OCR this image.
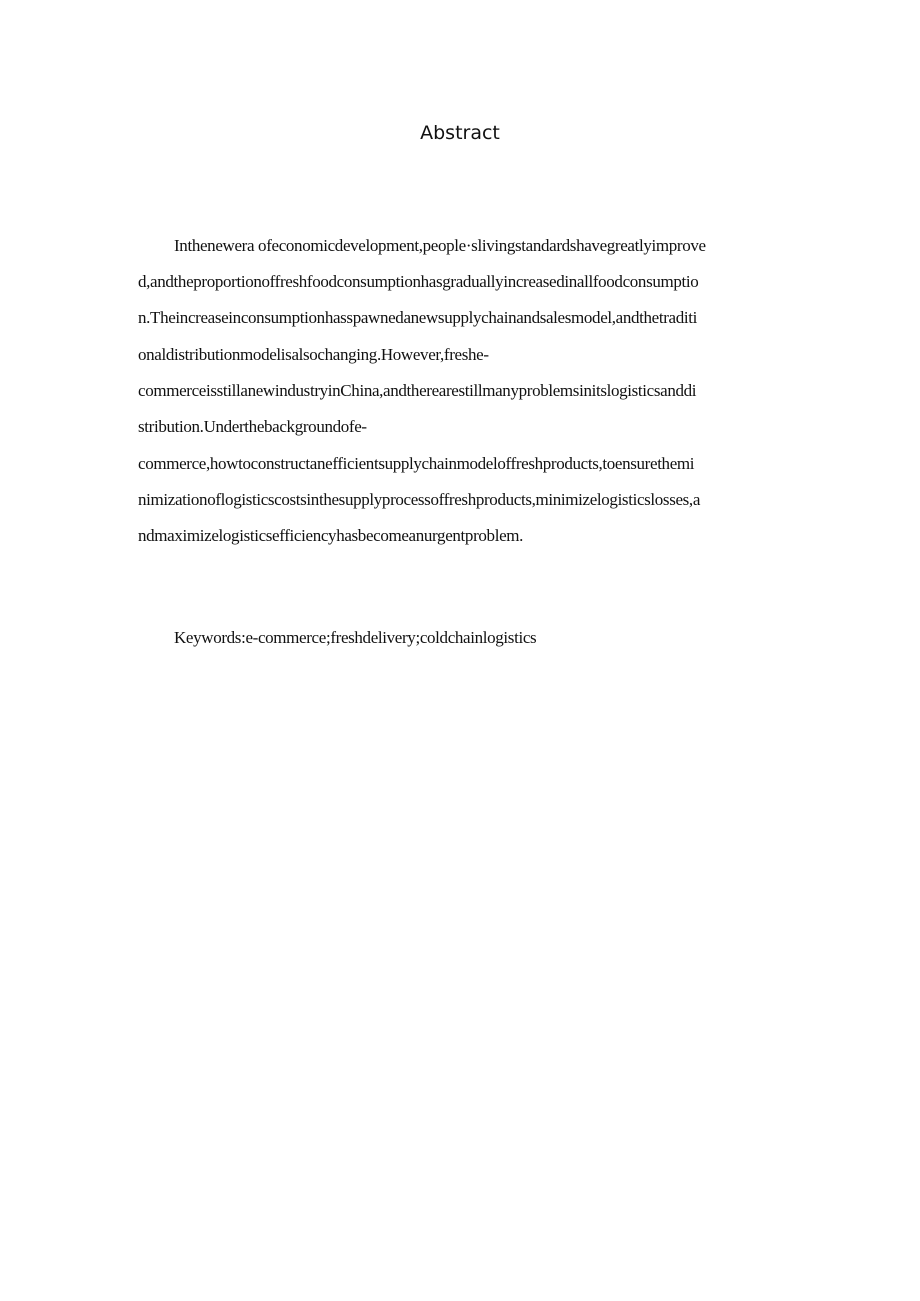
Abstract
Inthenewera ofeconomicdevelopment,people·slivingstandardshavegreatlyimprove
d,andtheproportionoffreshfoodconsumptionhasgraduallyincreasedinallfoodconsumptio
n.Theincreaseinconsumptionhasspawnedanewsupplychainandsalesmodel,andthetraditi
onaldistributionmodelisalsochanging.However,freshe-
commerceisstillanewindustryinChina,andtherearestillmanyproblemsinitslogisticsanddi
stribution.Underthebackgroundofe-
commerce,howtoconstructanefficientsupplychainmodeloffreshproducts,toensurethemi
nimizationoflogisticscostsinthesupplyprocessoffreshproducts,minimizelogisticslosses,a
ndmaximizelogisticsefficiencyhasbecomeanurgentproblem.
Keywords:e-commerce;freshdelivery;coldchainlogistics
